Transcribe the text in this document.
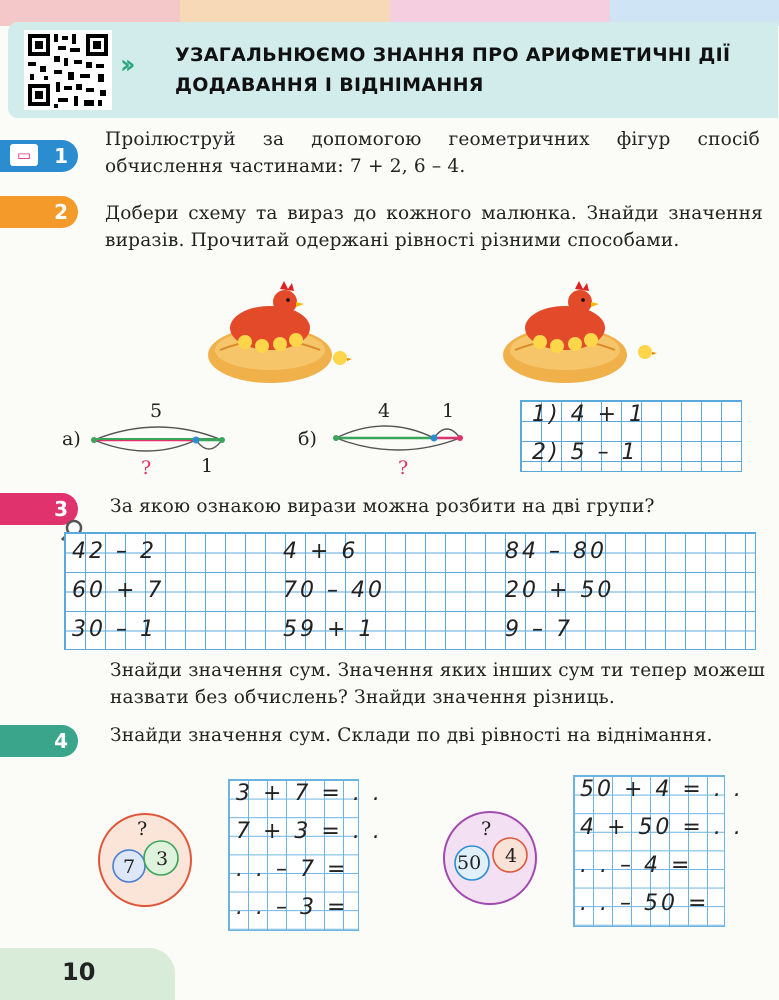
›› УЗАГАЛЬНЮЄМО ЗНАННЯ ПРО АРИФМЕТИЧНІ ДІЇ
ДОДАВАННЯ І ВІДНІМАННЯ
▭	1
Проілюструй за допомогою геометричних фігур спосіб обчислення частинами: 7 + 2, 6 – 4.
2 Добери схему та вираз до кожного малюнка. Знайди значення виразів. Прочитай одержані рівності різними способами.
а)
5
?	1
б)
4	1
?
1) 4 + 1
2) 5 – 1
3 За якою ознакою вирази можна розбити на дві групи?
42 – 2	4 + 6	84 – 80
60 + 7	70 – 40	20 + 50
30 – 1	59 + 1	9 – 7
Знайди значення сум. Значення яких інших сум ти тепер можеш назвати без обчислень? Знайди значення різниць.
4 Знайди значення сум. Склади по дві рівності на віднімання.
?
7 3
3 + 7 = . .
7 + 3 = . .
. . – 7 =
. . – 3 =
?
50 4
50 + 4 = . .
4 + 50 = . .
. . – 4 =
. . – 50 =
10
